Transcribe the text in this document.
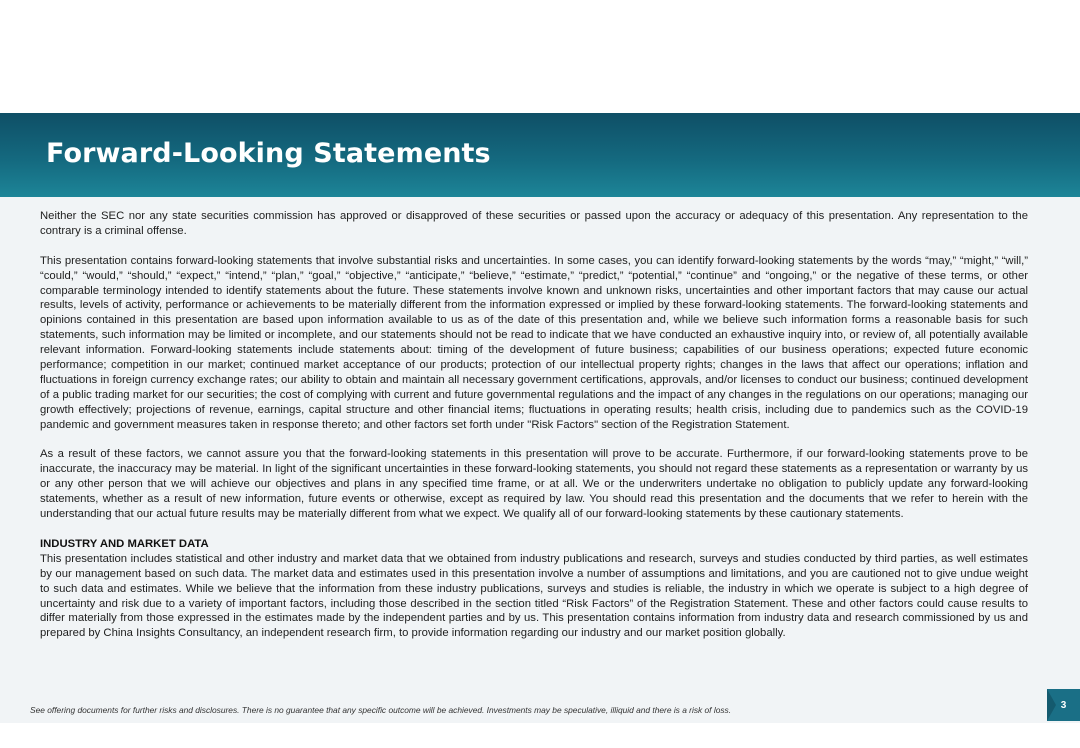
Forward-Looking Statements

Neither the SEC nor any state securities commission has approved or disapproved of these securities or passed upon the accuracy or adequacy of this presentation. Any representation to the contrary is a criminal offense.

This presentation contains forward-looking statements that involve substantial risks and uncertainties. In some cases, you can identify forward-looking statements by the words “may,” “might,” “will,” “could,” “would,” “should,” “expect,” “intend,” “plan,” “goal,” “objective,” “anticipate,” “believe,” “estimate,” “predict,” “potential,” “continue” and “ongoing,” or the negative of these terms, or other comparable terminology intended to identify statements about the future. These statements involve known and unknown risks, uncertainties and other important factors that may cause our actual results, levels of activity, performance or achievements to be materially different from the information expressed or implied by these forward-looking statements. The forward-looking statements and opinions contained in this presentation are based upon information available to us as of the date of this presentation and, while we believe such information forms a reasonable basis for such statements, such information may be limited or incomplete, and our statements should not be read to indicate that we have conducted an exhaustive inquiry into, or review of, all potentially available relevant information. Forward-looking statements include statements about: timing of the development of future business; capabilities of our business operations; expected future economic performance; competition in our market; continued market acceptance of our products; protection of our intellectual property rights; changes in the laws that affect our operations; inflation and fluctuations in foreign currency exchange rates; our ability to obtain and maintain all necessary government certifications, approvals, and/or licenses to conduct our business; continued development of a public trading market for our securities; the cost of complying with current and future governmental regulations and the impact of any changes in the regulations on our operations; managing our growth effectively; projections of revenue, earnings, capital structure and other financial items; fluctuations in operating results; health crisis, including due to pandemics such as the COVID-19 pandemic and government measures taken in response thereto; and other factors set forth under "Risk Factors" section of the Registration Statement.

As a result of these factors, we cannot assure you that the forward-looking statements in this presentation will prove to be accurate. Furthermore, if our forward-looking statements prove to be inaccurate, the inaccuracy may be material. In light of the significant uncertainties in these forward-looking statements, you should not regard these statements as a representation or warranty by us or any other person that we will achieve our objectives and plans in any specified time frame, or at all. We or the underwriters undertake no obligation to publicly update any forward-looking statements, whether as a result of new information, future events or otherwise, except as required by law. You should read this presentation and the documents that we refer to herein with the understanding that our actual future results may be materially different from what we expect. We qualify all of our forward-looking statements by these cautionary statements.

INDUSTRY AND MARKET DATA

This presentation includes statistical and other industry and market data that we obtained from industry publications and research, surveys and studies conducted by third parties, as well estimates by our management based on such data. The market data and estimates used in this presentation involve a number of assumptions and limitations, and you are cautioned not to give undue weight to such data and estimates. While we believe that the information from these industry publications, surveys and studies is reliable, the industry in which we operate is subject to a high degree of uncertainty and risk due to a variety of important factors, including those described in the section titled “Risk Factors” of the Registration Statement. These and other factors could cause results to differ materially from those expressed in the estimates made by the independent parties and by us. This presentation contains information from industry data and research commissioned by us and prepared by China Insights Consultancy, an independent research firm, to provide information regarding our industry and our market position globally.

See offering documents for further risks and disclosures. There is no guarantee that any specific outcome will be achieved. Investments may be speculative, illiquid and there is a risk of loss.	3
